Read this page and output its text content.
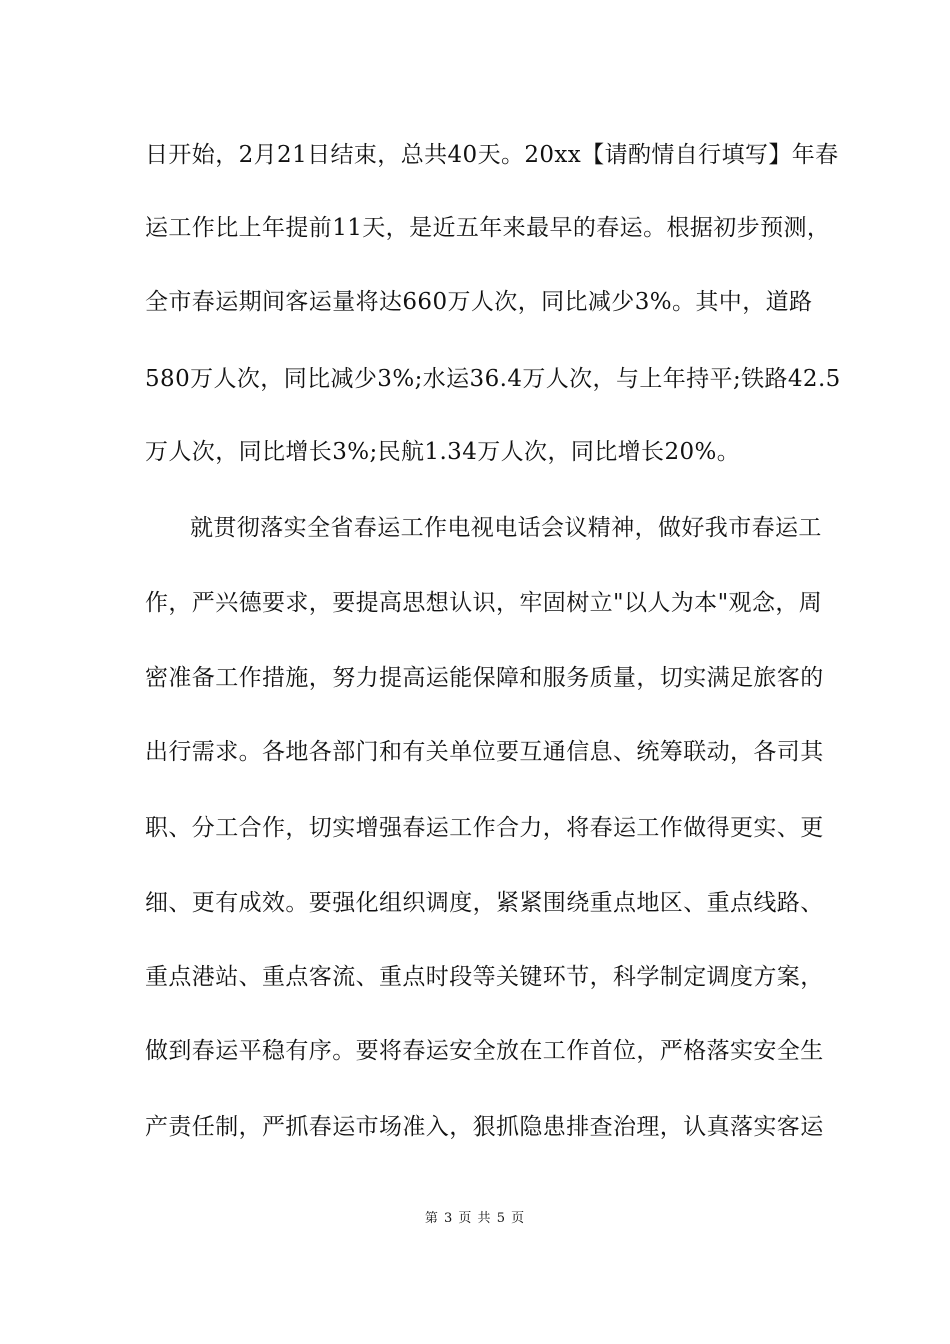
日开始，2月21日结束，总共40天。20xx【请酌情自行填写】年春
运工作比上年提前11天，是近五年来最早的春运。根据初步预测，
全市春运期间客运量将达660万人次，同比减少3%。其中，道路
580万人次，同比减少3%;水运36.4万人次，与上年持平;铁路42.5
万人次，同比增长3%;民航1.34万人次，同比增长20%。
就贯彻落实全省春运工作电视电话会议精神，做好我市春运工
作，严兴德要求，要提高思想认识，牢固树立"以人为本"观念，周
密准备工作措施，努力提高运能保障和服务质量，切实满足旅客的
出行需求。各地各部门和有关单位要互通信息、统筹联动，各司其
职、分工合作，切实增强春运工作合力，将春运工作做得更实、更
细、更有成效。要强化组织调度，紧紧围绕重点地区、重点线路、
重点港站、重点客流、重点时段等关键环节，科学制定调度方案，
做到春运平稳有序。要将春运安全放在工作首位，严格落实安全生
产责任制，严抓春运市场准入，狠抓隐患排查治理，认真落实客运
第 3 页 共 5 页
